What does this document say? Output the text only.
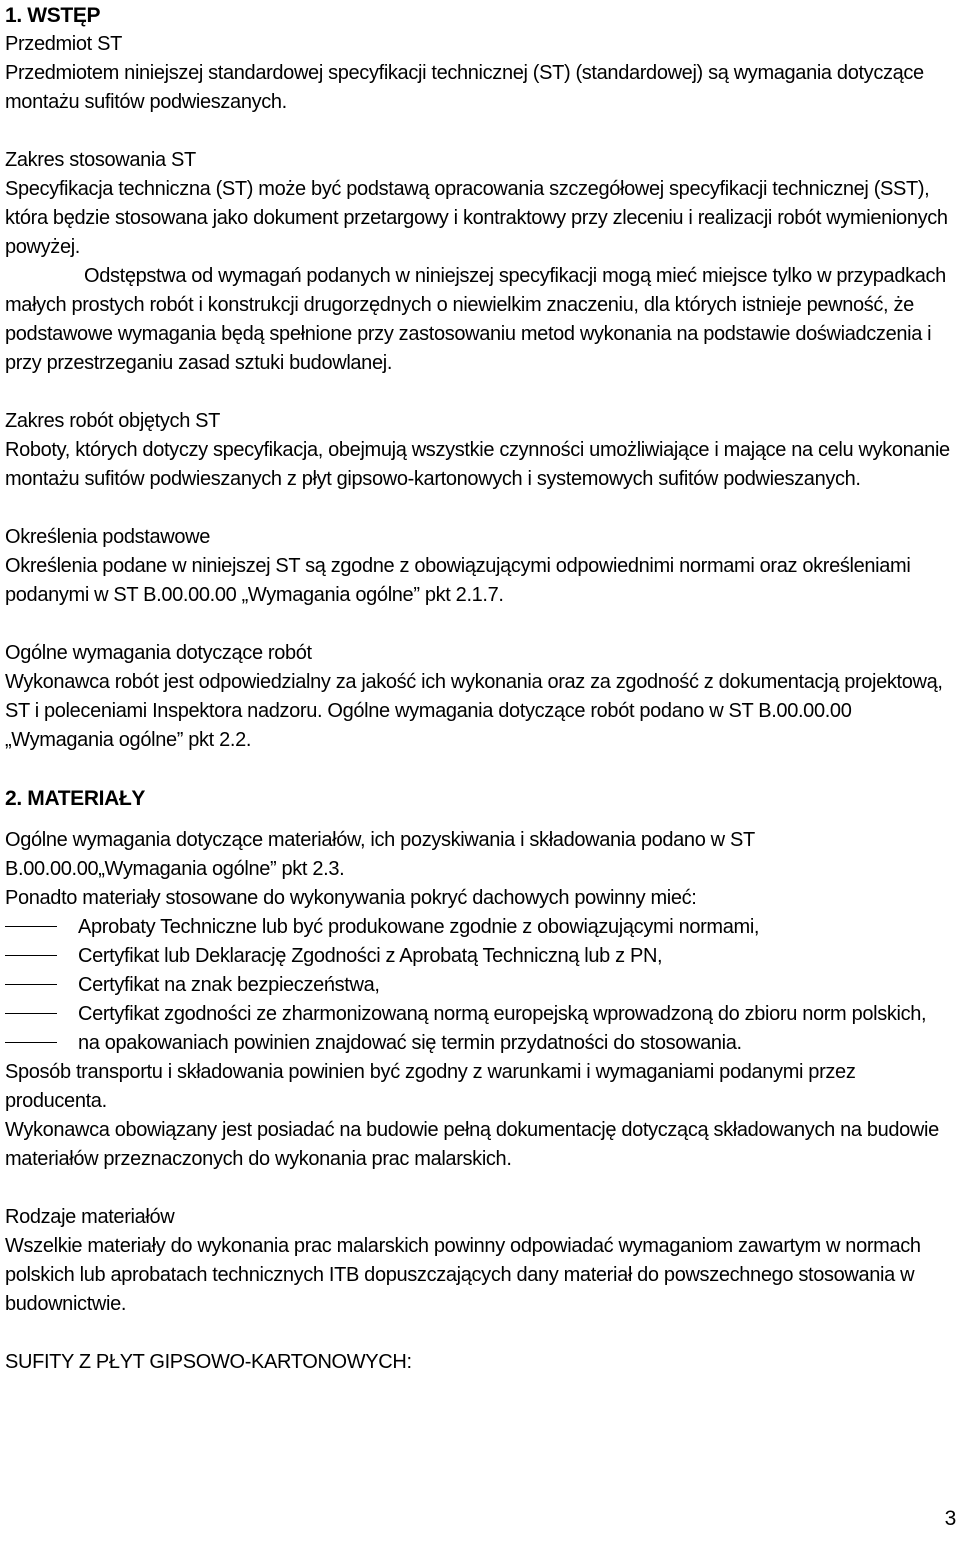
1. WSTĘP

Przedmiot ST

Przedmiotem niniejszej standardowej specyfikacji technicznej (ST) (standardowej) są wymagania dotyczące montażu sufitów podwieszanych.

Zakres stosowania ST

Specyfikacja techniczna (ST) może być podstawą opracowania szczegółowej specyfikacji technicznej (SST), która będzie stosowana jako dokument przetargowy i kontraktowy przy zleceniu i realizacji robót wymienionych powyżej.

Odstępstwa od wymagań podanych w niniejszej specyfikacji mogą mieć miejsce tylko w przypadkach małych prostych robót i konstrukcji drugorzędnych o niewielkim znaczeniu, dla których istnieje pewność, że podstawowe wymagania będą spełnione przy zastosowaniu metod wykonania na podstawie doświadczenia i przy przestrzeganiu zasad sztuki budowlanej.

Zakres robót objętych ST

Roboty, których dotyczy specyfikacja, obejmują wszystkie czynności umożliwiające i mające na celu wykonanie montażu sufitów podwieszanych z płyt gipsowo-kartonowych i systemowych sufitów podwieszanych.

Określenia podstawowe

Określenia podane w niniejszej ST są zgodne z obowiązującymi odpowiednimi normami oraz określeniami podanymi w ST B.00.00.00 „Wymagania ogólne” pkt 2.1.7.

Ogólne wymagania dotyczące robót

Wykonawca robót jest odpowiedzialny za jakość ich wykonania oraz za zgodność z dokumentacją projektową, ST i poleceniami Inspektora nadzoru. Ogólne wymagania dotyczące robót podano w ST B.00.00.00 „Wymagania ogólne” pkt 2.2.

2. MATERIAŁY

Ogólne wymagania dotyczące materiałów, ich pozyskiwania i składowania podano w ST B.00.00.00„Wymagania ogólne” pkt 2.3.

Ponadto materiały stosowane do wykonywania pokryć dachowych powinny mieć:

Aprobaty Techniczne lub być produkowane zgodnie z obowiązującymi normami,

Certyfikat lub Deklarację Zgodności z Aprobatą Techniczną lub z PN,

Certyfikat na znak bezpieczeństwa,

Certyfikat zgodności ze zharmonizowaną normą europejską wprowadzoną do zbioru norm polskich,

na opakowaniach powinien znajdować się termin przydatności do stosowania.

Sposób transportu i składowania powinien być zgodny z warunkami i wymaganiami podanymi przez producenta.

Wykonawca obowiązany jest posiadać na budowie pełną dokumentację dotyczącą składowanych na budowie materiałów przeznaczonych do wykonania prac malarskich.

Rodzaje materiałów

Wszelkie materiały do wykonania prac malarskich powinny odpowiadać wymaganiom zawartym w normach polskich lub aprobatach technicznych ITB dopuszczających dany materiał do powszechnego stosowania w budownictwie.

SUFITY Z PŁYT GIPSOWO-KARTONOWYCH:

3
